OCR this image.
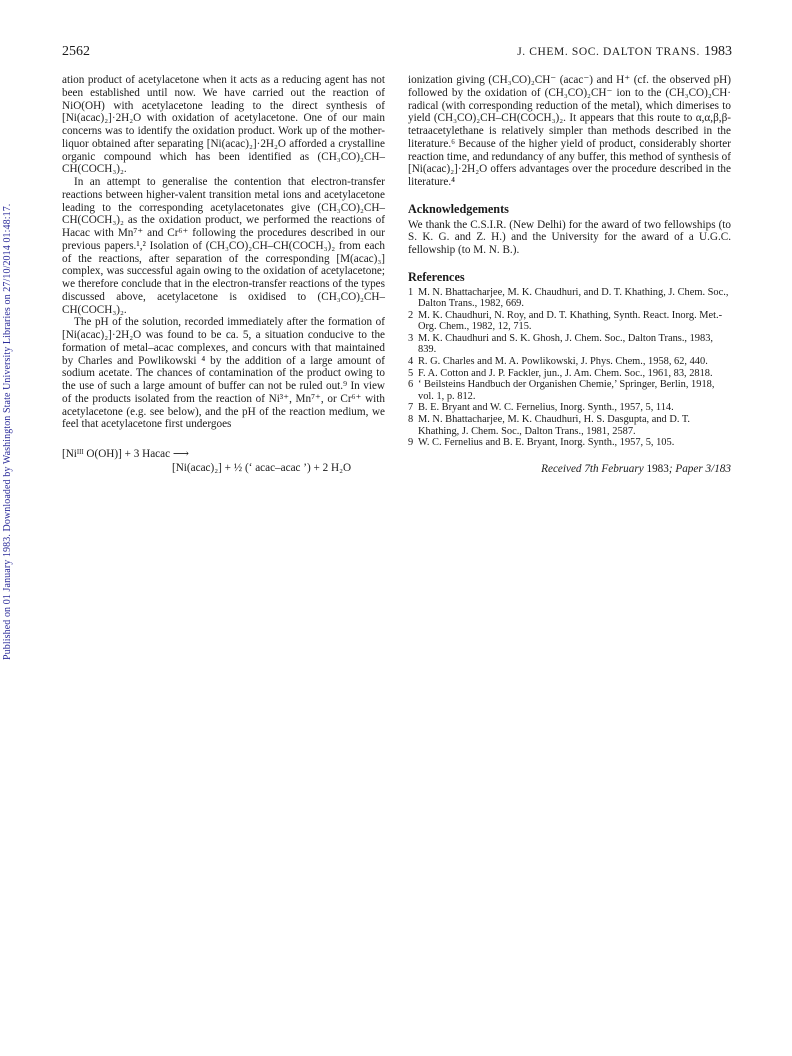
Published on 01 January 1983. Downloaded by Washington State University Libraries on 27/10/2014 01:48:17.
2562	J. CHEM. SOC. DALTON TRANS. 1983

ation product of acetylacetone when it acts as a reducing agent has not been established until now. We have carried out the reaction of NiO(OH) with acetylacetone leading to the direct synthesis of [Ni(acac)₂]·2H₂O with oxidation of acetylacetone. One of our main concerns was to identify the oxidation product. Work up of the mother-liquor obtained after separating [Ni(acac)₂]·2H₂O afforded a crystalline organic compound which has been identified as (CH₃CO)₂CH–CH(COCH₃)₂.

In an attempt to generalise the contention that electron-transfer reactions between higher-valent transition metal ions and acetylacetone leading to the corresponding acetylacetonates give (CH₃CO)₂CH–CH(COCH₃)₂ as the oxidation product, we performed the reactions of Hacac with Mn⁷⁺ and Cr⁶⁺ following the procedures described in our previous papers.¹,² Isolation of (CH₃CO)₂CH–CH(COCH₃)₂ from each of the reactions, after separation of the corresponding [M(acac)₃] complex, was successful again owing to the oxidation of acetylacetone; we therefore conclude that in the electron-transfer reactions of the types discussed above, acetylacetone is oxidised to (CH₃CO)₂CH–CH(COCH₃)₂.

The pH of the solution, recorded immediately after the formation of [Ni(acac)₂]·2H₂O was found to be ca. 5, a situation conducive to the formation of metal–acac complexes, and concurs with that maintained by Charles and Powlikowski ⁴ by the addition of a large amount of sodium acetate. The chances of contamination of the product owing to the use of such a large amount of buffer can not be ruled out.⁹ In view of the products isolated from the reaction of Ni³⁺, Mn⁷⁺, or Cr⁶⁺ with acetylacetone (e.g. see below), and the pH of the reaction medium, we feel that acetylacetone first undergoes

[Niᴵᴵᴵ O(OH)] + 3 Hacac ⟶
[Ni(acac)₂] + ½ (‘ acac–acac ’) + 2 H₂O

ionization giving (CH₃CO)₂CH⁻ (acac⁻) and H⁺ (cf. the observed pH) followed by the oxidation of (CH₃CO)₂CH⁻ ion to the (CH₃CO)₂CH· radical (with corresponding reduction of the metal), which dimerises to yield (CH₃CO)₂CH–CH(COCH₃)₂. It appears that this route to α,α,β,β-tetraacetylethane is relatively simpler than methods described in the literature.⁶ Because of the higher yield of product, considerably shorter reaction time, and redundancy of any buffer, this method of synthesis of [Ni(acac)₂]·2H₂O offers advantages over the procedure described in the literature.⁴

Acknowledgements

We thank the C.S.I.R. (New Delhi) for the award of two fellowships (to S. K. G. and Z. H.) and the University for the award of a U.G.C. fellowship (to M. N. B.).

References
1 M. N. Bhattacharjee, M. K. Chaudhuri, and D. T. Khathing, J. Chem. Soc., Dalton Trans., 1982, 669.
2 M. K. Chaudhuri, N. Roy, and D. T. Khathing, Synth. React. Inorg. Met.-Org. Chem., 1982, 12, 715.
3 M. K. Chaudhuri and S. K. Ghosh, J. Chem. Soc., Dalton Trans., 1983, 839.
4 R. G. Charles and M. A. Powlikowski, J. Phys. Chem., 1958, 62, 440.
5 F. A. Cotton and J. P. Fackler, jun., J. Am. Chem. Soc., 1961, 83, 2818.
6 ‘ Beilsteins Handbuch der Organishen Chemie,’ Springer, Berlin, 1918, vol. 1, p. 812.
7 B. E. Bryant and W. C. Fernelius, Inorg. Synth., 1957, 5, 114.
8 M. N. Bhattacharjee, M. K. Chaudhuri, H. S. Dasgupta, and D. T. Khathing, J. Chem. Soc., Dalton Trans., 1981, 2587.
9 W. C. Fernelius and B. E. Bryant, Inorg. Synth., 1957, 5, 105.
Received 7th February 1983; Paper 3/183
